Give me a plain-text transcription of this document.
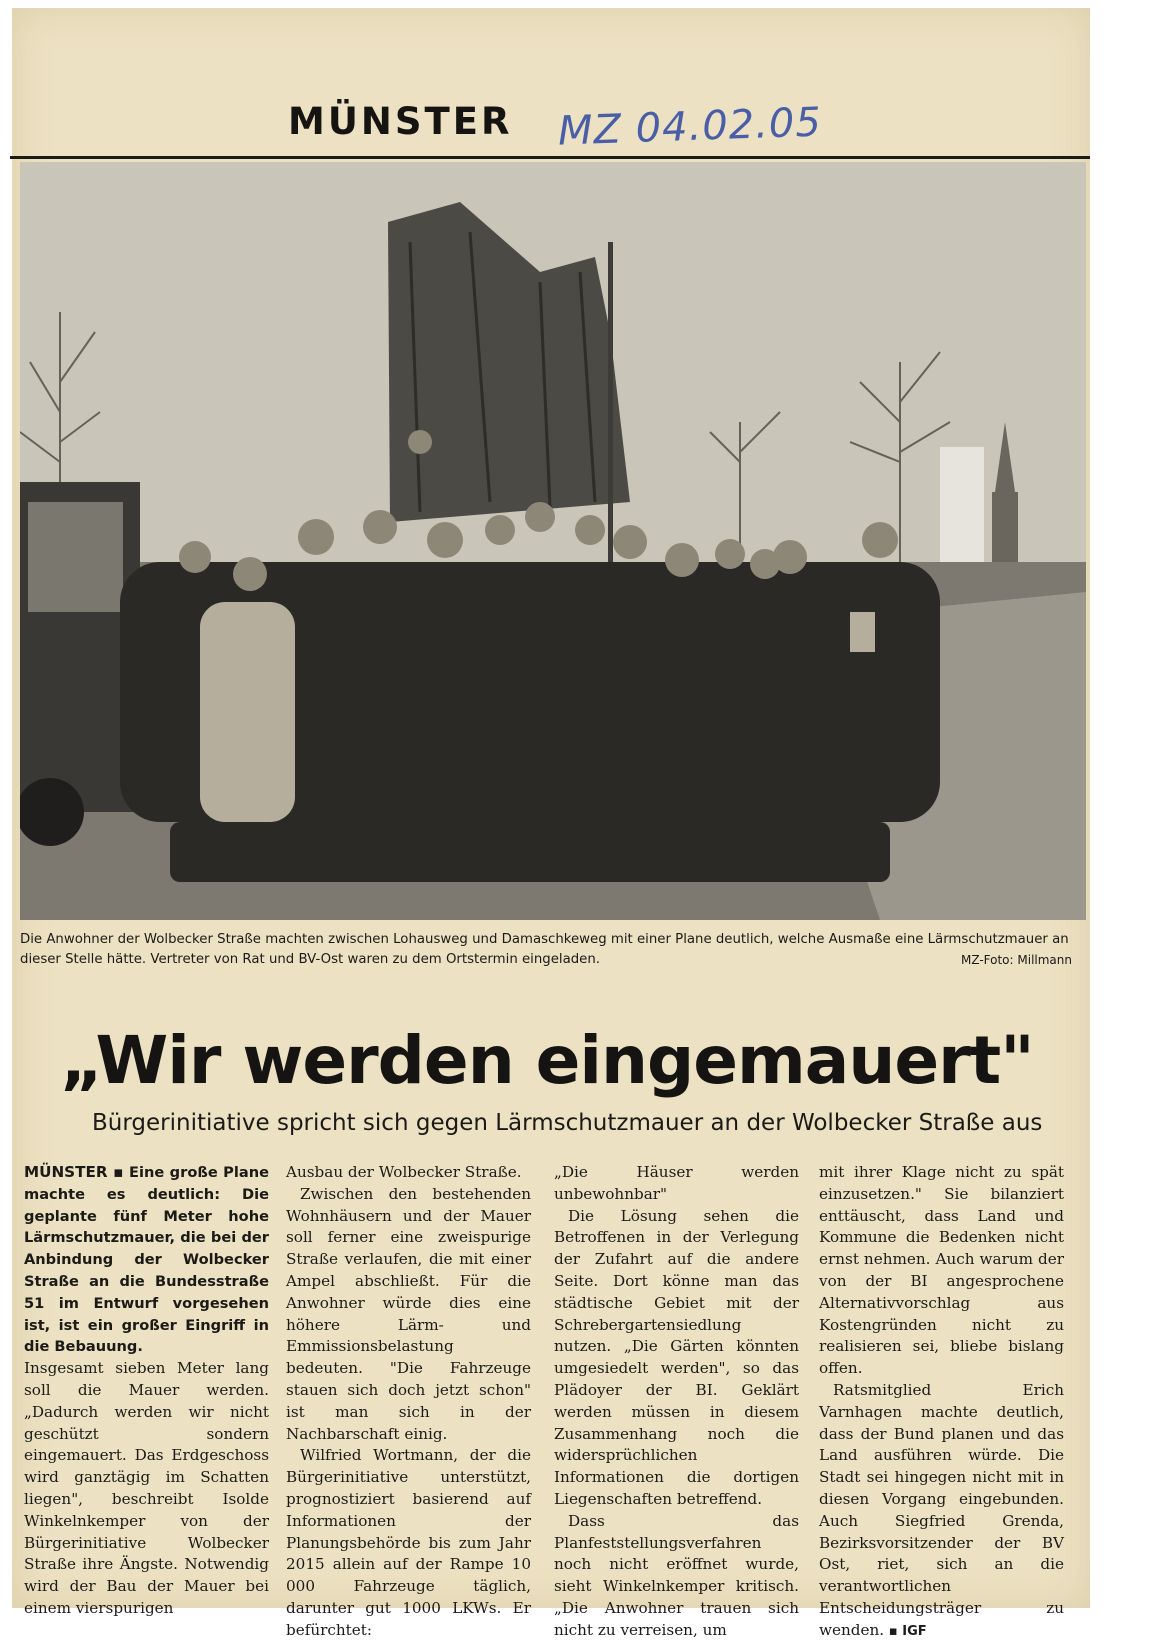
MÜNSTER MZ 04.02.05
Die Anwohner der Wolbecker Straße machten zwischen Lohausweg und Damaschkeweg mit einer Plane deutlich, welche Ausmaße eine Lärmschutzmauer an dieser Stelle hätte. Vertreter von Rat und BV-Ost waren zu dem Ortstermin eingeladen.	MZ-Foto: Millmann
„Wir werden eingemauert"
Bürgerinitiative spricht sich gegen Lärmschutzmauer an der Wolbecker Straße aus

MÜNSTER ▪ Eine große Plane machte es deutlich: Die geplante fünf Meter hohe Lärmschutzmauer, die bei der Anbindung der Wolbecker Straße an die Bundesstraße 51 im Entwurf vorgesehen ist, ist ein großer Eingriff in die Bebauung.

Insgesamt sieben Meter lang soll die Mauer werden. „Dadurch werden wir nicht geschützt sondern eingemauert. Das Erdgeschoss wird ganztägig im Schatten liegen", beschreibt Isolde Winkelnkemper von der Bürgerinitiative Wolbecker Straße ihre Ängste. Notwendig wird der Bau der Mauer bei einem vierspurigen

Ausbau der Wolbecker Straße.

Zwischen den bestehenden Wohnhäusern und der Mauer soll ferner eine zweispurige Straße verlaufen, die mit einer Ampel abschließt. Für die Anwohner würde dies eine höhere Lärm- und Emmissionsbelastung bedeuten. "Die Fahrzeuge stauen sich doch jetzt schon" ist man sich in der Nachbarschaft einig.

Wilfried Wortmann, der die Bürgerinitiative unterstützt, prognostiziert basierend auf Informationen der Planungsbehörde bis zum Jahr 2015 allein auf der Rampe 10 000 Fahrzeuge täglich, darunter gut 1000 LKWs. Er befürchtet:

„Die Häuser werden unbewohnbar"

Die Lösung sehen die Betroffenen in der Verlegung der Zufahrt auf die andere Seite. Dort könne man das städtische Gebiet mit der Schrebergartensiedlung nutzen. „Die Gärten könnten umgesiedelt werden", so das Plädoyer der BI. Geklärt werden müssen in diesem Zusammenhang noch die widersprüchlichen Informationen die dortigen Liegenschaften betreffend.

Dass das Planfeststellungsverfahren noch nicht eröffnet wurde, sieht Winkelnkemper kritisch. „Die Anwohner trauen sich nicht zu verreisen, um

mit ihrer Klage nicht zu spät einzusetzen." Sie bilanziert enttäuscht, dass Land und Kommune die Bedenken nicht ernst nehmen. Auch warum der von der BI angesprochene Alternativvorschlag aus Kostengründen nicht zu realisieren sei, bliebe bislang offen.

Ratsmitglied Erich Varnhagen machte deutlich, dass der Bund planen und das Land ausführen würde. Die Stadt sei hingegen nicht mit in diesen Vorgang eingebunden. Auch Siegfried Grenda, Bezirksvorsitzender der BV Ost, riet, sich an die verantwortlichen Entscheidungsträger zu wenden. ▪ IGF
